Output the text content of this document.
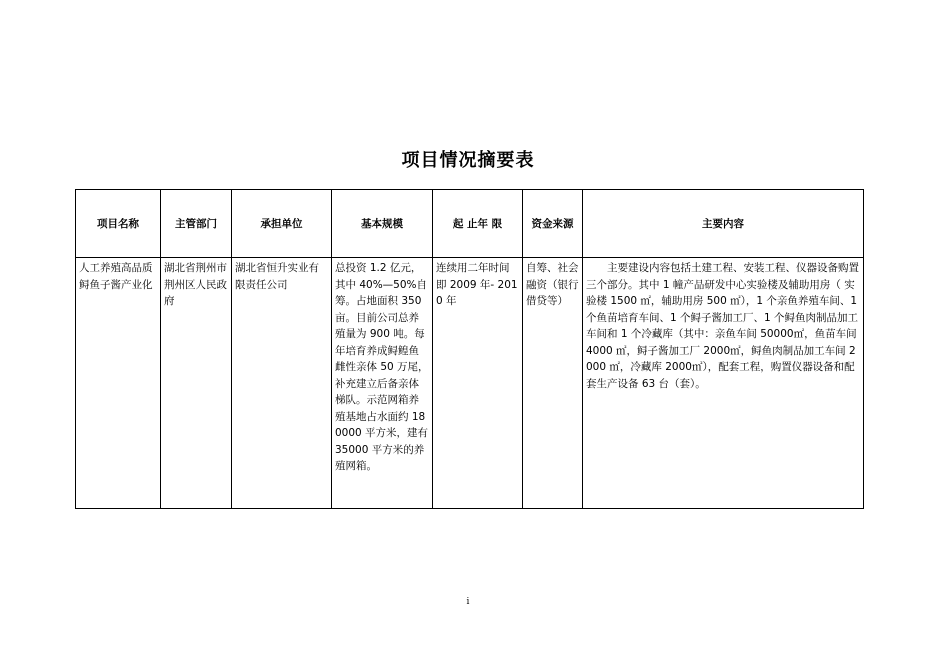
项目情况摘要表
项目名称	主管部门	承担单位	基本规模	起 止年 限	资金来源	主要内容
人工养殖高品质鲟鱼子酱产业化	湖北省荆州市荆州区人民政府	湖北省恒升实业有限责任公司	总投资 1.2 亿元，其中 40%—50%自筹。占地面积 350 亩。目前公司总养殖量为 900 吨。每年培育养成鲟鳇鱼雌性亲体 50 万尾，补充建立后备亲体梯队。示范网箱养殖基地占水面约 180000 平方米，建有 35000 平方米的养殖网箱。	连续用二年时间即 2009 年- 2010 年	自筹、社会融资（银行借贷等）	主要建设内容包括土建工程、安装工程、仪器设备购置三个部分。其中 1 幢产品研发中心实验楼及辅助用房（ 实验楼 1500 ㎡，辅助用房 500 ㎡），1 个亲鱼养殖车间、1 个鱼苗培育车间、1 个鲟子酱加工厂、1 个鲟鱼肉制品加工车间和 1 个冷藏库（其中：亲鱼车间 50000㎡，鱼苗车间 4000 ㎡，鲟子酱加工厂 2000㎡，鲟鱼肉制品加工车间 2000 ㎡，冷藏库 2000㎡），配套工程，购置仪器设备和配套生产设备 63 台（套）。
i
